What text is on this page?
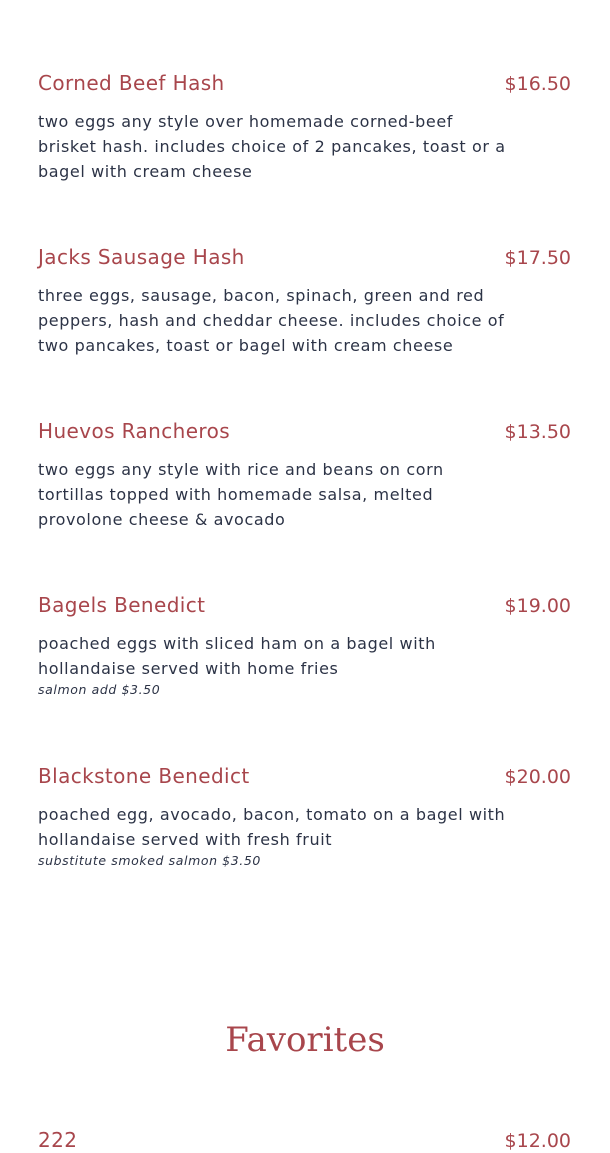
Corned Beef Hash	$16.50
two eggs any style over homemade corned-beef brisket hash. includes choice of 2 pancakes, toast or a bagel with cream cheese
Jacks Sausage Hash	$17.50
three eggs, sausage, bacon, spinach, green and red peppers, hash and cheddar cheese. includes choice of two pancakes, toast or bagel with cream cheese
Huevos Rancheros	$13.50
two eggs any style with rice and beans on corn tortillas topped with homemade salsa, melted provolone cheese & avocado
Bagels Benedict	$19.00
poached eggs with sliced ham on a bagel with hollandaise served with home fries
salmon add $3.50
Blackstone Benedict	$20.00
poached egg, avocado, bacon, tomato on a bagel with hollandaise served with fresh fruit
substitute smoked salmon $3.50
Favorites
222	$12.00
